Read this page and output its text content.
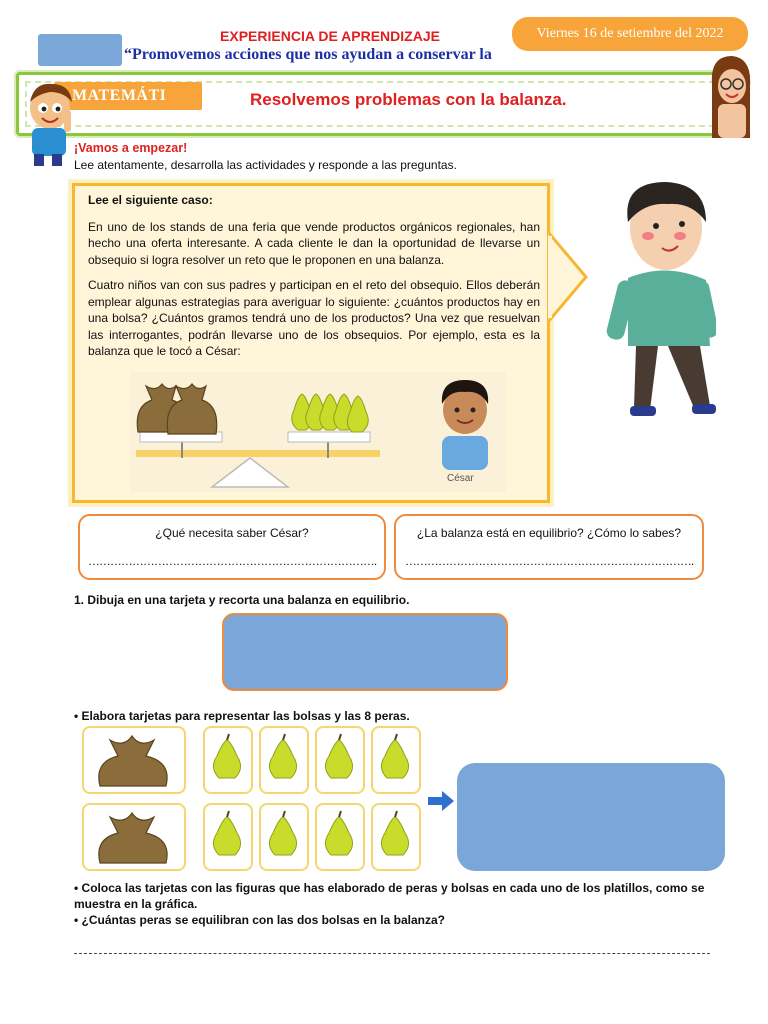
EXPERIENCIA DE APRENDIZAJE
“Promovemos acciones que nos ayudan a conservar la
Viernes 16 de setiembre del 2022
MATEMÁTI	Resolvemos problemas con la balanza.
¡Vamos a empezar!
Lee atentamente, desarrolla las actividades y responde a las preguntas.

Lee el siguiente caso:

En uno de los stands de una feria que vende productos orgánicos regionales, han hecho una oferta interesante. A cada cliente le dan la oportunidad de llevarse un obsequio si logra resolver un reto que le proponen en una balanza.

Cuatro niños van con sus padres y participan en el reto del obsequio. Ellos deberán emplear algunas estrategias para averiguar lo siguiente: ¿cuántos productos hay en una bolsa? ¿Cuántos gramos tendrá uno de los productos? Una vez que resuelvan las interrogantes, podrán llevarse uno de los obsequios. Por ejemplo, esta es la balanza que le tocó a César:

César
¿Qué necesita saber César?
…………………………………………………………………….
¿La balanza está en equilibrio? ¿Cómo lo sabes?
…………………………………………………………………….
1. Dibuja en una tarjeta y recorta una balanza en equilibrio.
• Elabora tarjetas para representar las bolsas y las 8 peras.
• Coloca las tarjetas con las figuras que has elaborado de peras y bolsas en cada uno de los platillos, como se muestra en la gráfica.
• ¿Cuántas peras se equilibran con las dos bolsas en la balanza?
